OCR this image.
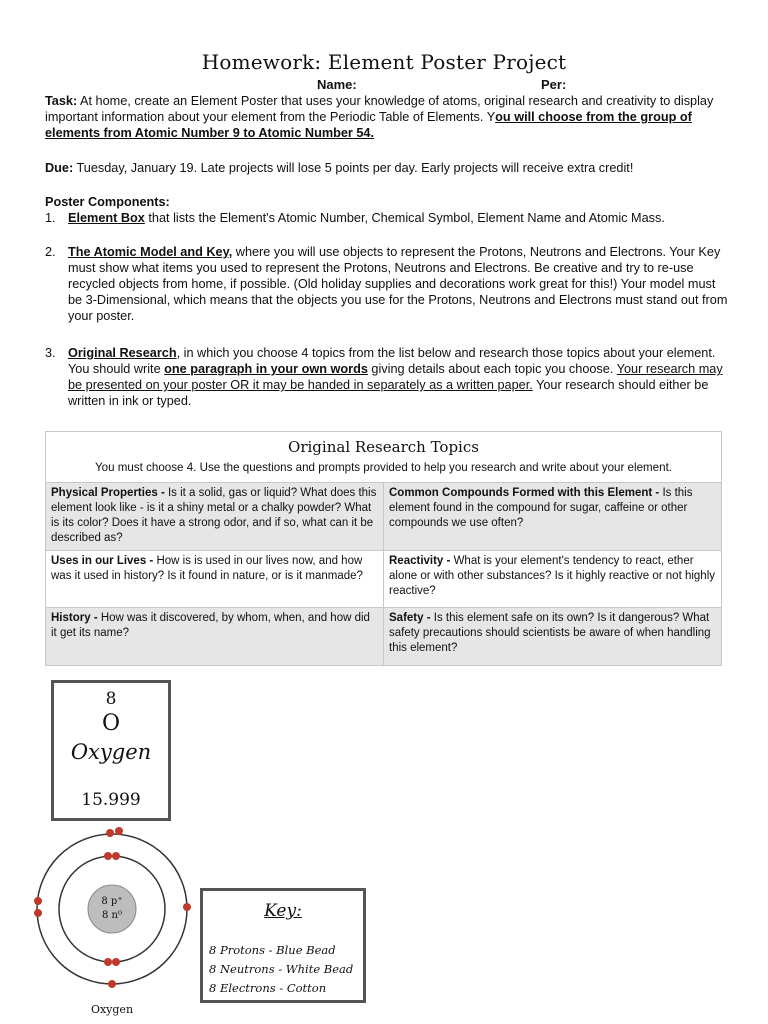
Homework: Element Poster Project
Name:	Per:
Task: At home, create an Element Poster that uses your knowledge of atoms, original research and creativity to display important information about your element from the Periodic Table of Elements. You will choose from the group of elements from Atomic Number 9 to Atomic Number 54.
Due: Tuesday, January 19. Late projects will lose 5 points per day. Early projects will receive extra credit!
Poster Components:
1. Element Box that lists the Element's Atomic Number, Chemical Symbol, Element Name and Atomic Mass.
2. The Atomic Model and Key, where you will use objects to represent the Protons, Neutrons and Electrons. Your Key must show what items you used to represent the Protons, Neutrons and Electrons. Be creative and try to re-use recycled objects from home, if possible. (Old holiday supplies and decorations work great for this!) Your model must be 3-Dimensional, which means that the objects you use for the Protons, Neutrons and Electrons must stand out from your poster.
3. Original Research, in which you choose 4 topics from the list below and research those topics about your element. You should write one paragraph in your own words giving details about each topic you choose. Your research may be presented on your poster OR it may be handed in separately as a written paper. Your research should either be written in ink or typed.
Original Research Topics
You must choose 4. Use the questions and prompts provided to help you research and write about your element.
Physical Properties - Is it a solid, gas or liquid? What does this element look like - is it a shiny metal or a chalky powder? What is its color? Does it have a strong odor, and if so, what can it be described as?
Common Compounds Formed with this Element - Is this element found in the compound for sugar, caffeine or other compounds we use often?
Uses in our Lives - How is is used in our lives now, and how was it used in history? Is it found in nature, or is it manmade?
Reactivity - What is your element's tendency to react, ether alone or with other substances? Is it highly reactive or not highly reactive?
History - How was it discovered, by whom, when, and how did it get its name?
Safety - Is this element safe on its own? Is it dangerous? What safety precautions should scientists be aware of when handling this element?
8
O
Oxygen
15.999
8 p⁺
8 n⁰
Oxygen
Key:
8 Protons - Blue Bead
8 Neutrons - White Bead
8 Electrons - Cotton
